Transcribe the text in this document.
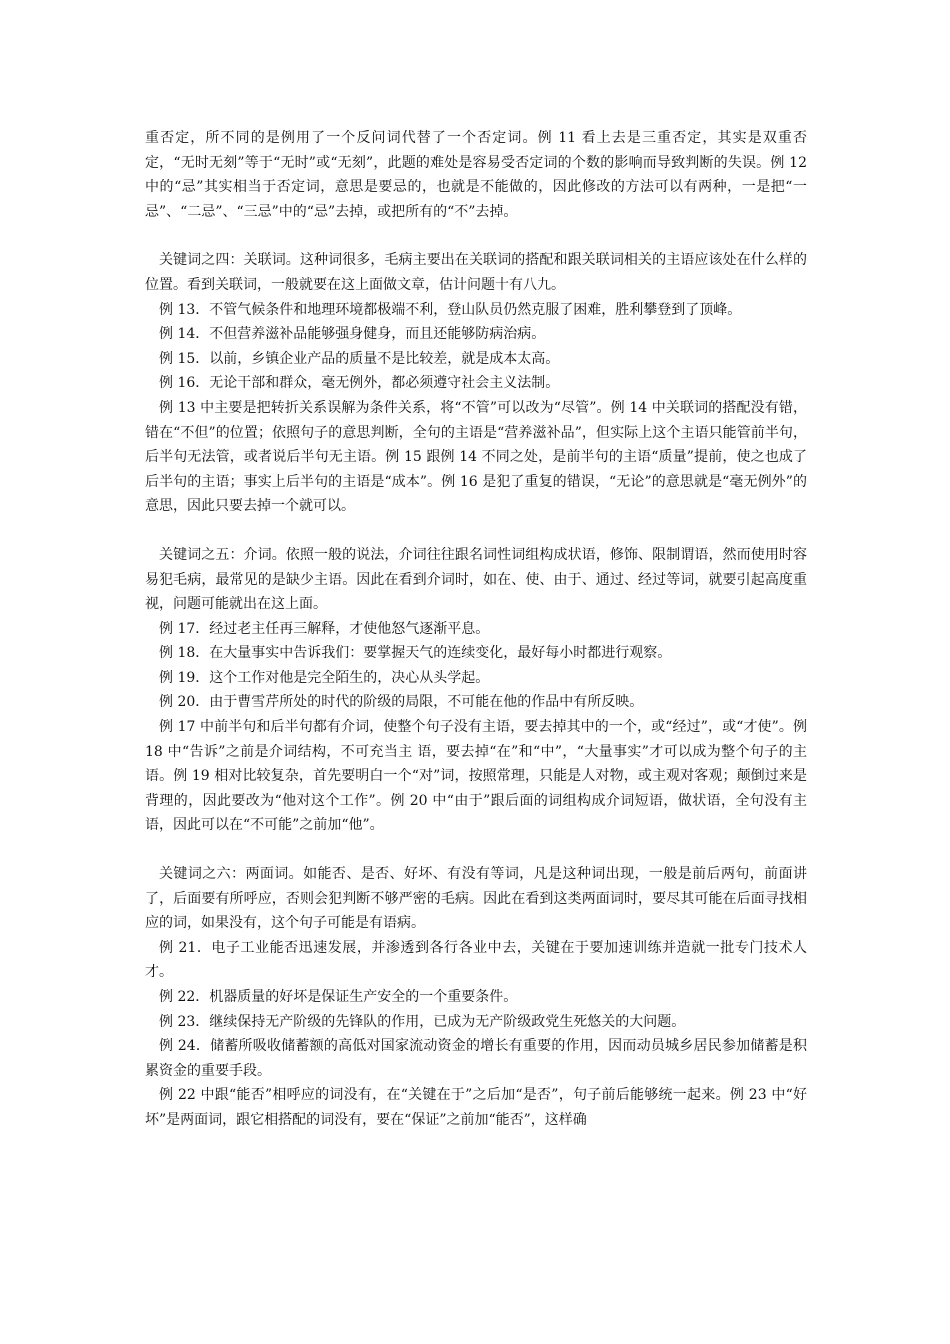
重否定，所不同的是例用了一个反问词代替了一个否定词。例 11 看上去是三重否定，其实是双重否定，“无时无刻”等于“无时”或“无刻”，此题的难处是容易受否定词的个数的影响而导致判断的失误。例 12 中的“忌”其实相当于否定词，意思是要忌的，也就是不能做的，因此修改的方法可以有两种，一是把“一忌”、“二忌”、“三忌”中的“忌”去掉，或把所有的“不”去掉。

关键词之四：关联词。这种词很多，毛病主要出在关联词的搭配和跟关联词相关的主语应该处在什么样的位置。看到关联词，一般就要在这上面做文章，估计问题十有八九。

例 13．不管气候条件和地理环境都极端不利，登山队员仍然克服了困难，胜利攀登到了顶峰。

例 14．不但营养滋补品能够强身健身，而且还能够防病治病。

例 15．以前，乡镇企业产品的质量不是比较差，就是成本太高。

例 16．无论干部和群众，毫无例外，都必须遵守社会主义法制。

例 13 中主要是把转折关系误解为条件关系，将“不管”可以改为“尽管”。例 14 中关联词的搭配没有错，错在“不但”的位置；依照句子的意思判断，全句的主语是“营养滋补品”，但实际上这个主语只能管前半句，后半句无法管，或者说后半句无主语。例 15 跟例 14 不同之处，是前半句的主语“质量”提前，使之也成了后半句的主语；事实上后半句的主语是“成本”。例 16 是犯了重复的错误，“无论”的意思就是“毫无例外”的意思，因此只要去掉一个就可以。

关键词之五：介词。依照一般的说法，介词往往跟名词性词组构成状语，修饰、限制谓语，然而使用时容易犯毛病，最常见的是缺少主语。因此在看到介词时，如在、使、由于、通过、经过等词，就要引起高度重视，问题可能就出在这上面。

例 17．经过老主任再三解释，才使他怒气逐渐平息。

例 18．在大量事实中告诉我们：要掌握天气的连续变化，最好每小时都进行观察。

例 19．这个工作对他是完全陌生的，决心从头学起。

例 20．由于曹雪芹所处的时代的阶级的局限，不可能在他的作品中有所反映。

例 17 中前半句和后半句都有介词，使整个句子没有主语，要去掉其中的一个，或“经过”，或“才使”。例 18 中“告诉”之前是介词结构，不可充当主 语，要去掉“在”和“中”，“大量事实”才可以成为整个句子的主语。例 19 相对比较复杂，首先要明白一个“对”词，按照常理，只能是人对物，或主观对客观；颠倒过来是背理的，因此要改为“他对这个工作”。例 20 中“由于”跟后面的词组构成介词短语，做状语，全句没有主语，因此可以在“不可能”之前加“他”。

关键词之六：两面词。如能否、是否、好坏、有没有等词，凡是这种词出现，一般是前后两句，前面讲了，后面要有所呼应，否则会犯判断不够严密的毛病。因此在看到这类两面词时，要尽其可能在后面寻找相应的词，如果没有，这个句子可能是有语病。

例 21．电子工业能否迅速发展，并渗透到各行各业中去，关键在于要加速训练并造就一批专门技术人才。

例 22．机器质量的好坏是保证生产安全的一个重要条件。

例 23．继续保持无产阶级的先锋队的作用，已成为无产阶级政党生死悠关的大问题。

例 24．储蓄所吸收储蓄额的高低对国家流动资金的增长有重要的作用，因而动员城乡居民参加储蓄是积累资金的重要手段。

例 22 中跟“能否”相呼应的词没有，在“关键在于”之后加“是否”，句子前后能够统一起来。例 23 中“好坏”是两面词，跟它相搭配的词没有，要在“保证”之前加“能否”，这样确
